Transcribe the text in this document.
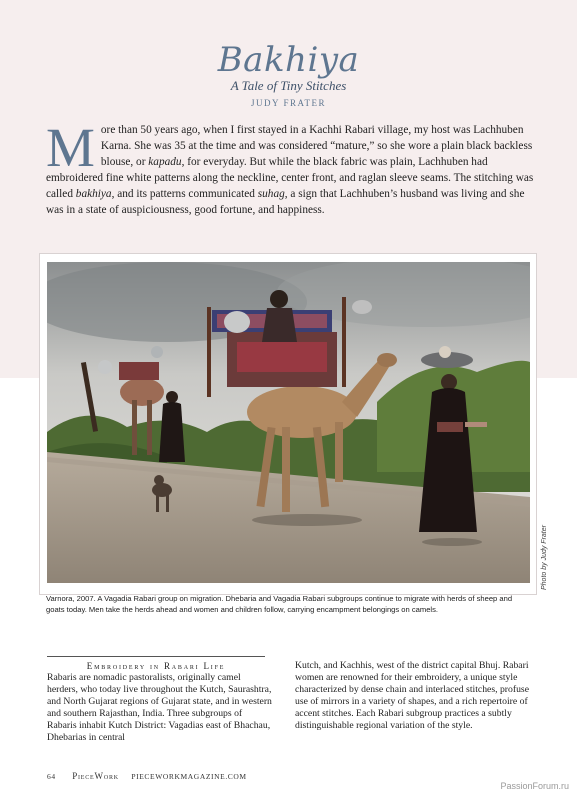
Bakhiya
A Tale of Tiny Stitches
JUDY FRATER
More than 50 years ago, when I first stayed in a Kachhi Rabari village, my host was Lachhuben Karna. She was 35 at the time and was considered “mature,” so she wore a plain black backless blouse, or kapadu, for everyday. But while the black fabric was plain, Lachhuben had embroidered fine white patterns along the neckline, center front, and raglan sleeve seams. The stitching was called bakhiya, and its patterns communicated suhag, a sign that Lachhuben’s husband was living and she was in a state of auspiciousness, good fortune, and happiness.
Photo by Judy Frater
Varnora, 2007. A Vagadia Rabari group on migration. Dhebaria and Vagadia Rabari subgroups continue to migrate with herds of sheep and goats today. Men take the herds ahead and women and children follow, carrying encampment belongings on camels.
Embroidery in Rabari Life
Rabaris are nomadic pastoralists, originally camel herders, who today live throughout the Kutch, Saurashtra, and North Gujarat regions of Gujarat state, and in western and southern Rajasthan, India. Three subgroups of Rabaris inhabit Kutch District: Vagadias east of Bhachau, Dhebarias in central
Kutch, and Kachhis, west of the district capital Bhuj. Rabari women are renowned for their embroidery, a unique style characterized by dense chain and interlaced stitches, profuse use of mirrors in a variety of shapes, and a rich repertoire of accent stitches. Each Rabari subgroup practices a subtly distinguishable regional variation of the style.
64 PieceWork PIECEWORKMAGAZINE.COM
PassionForum.ru
